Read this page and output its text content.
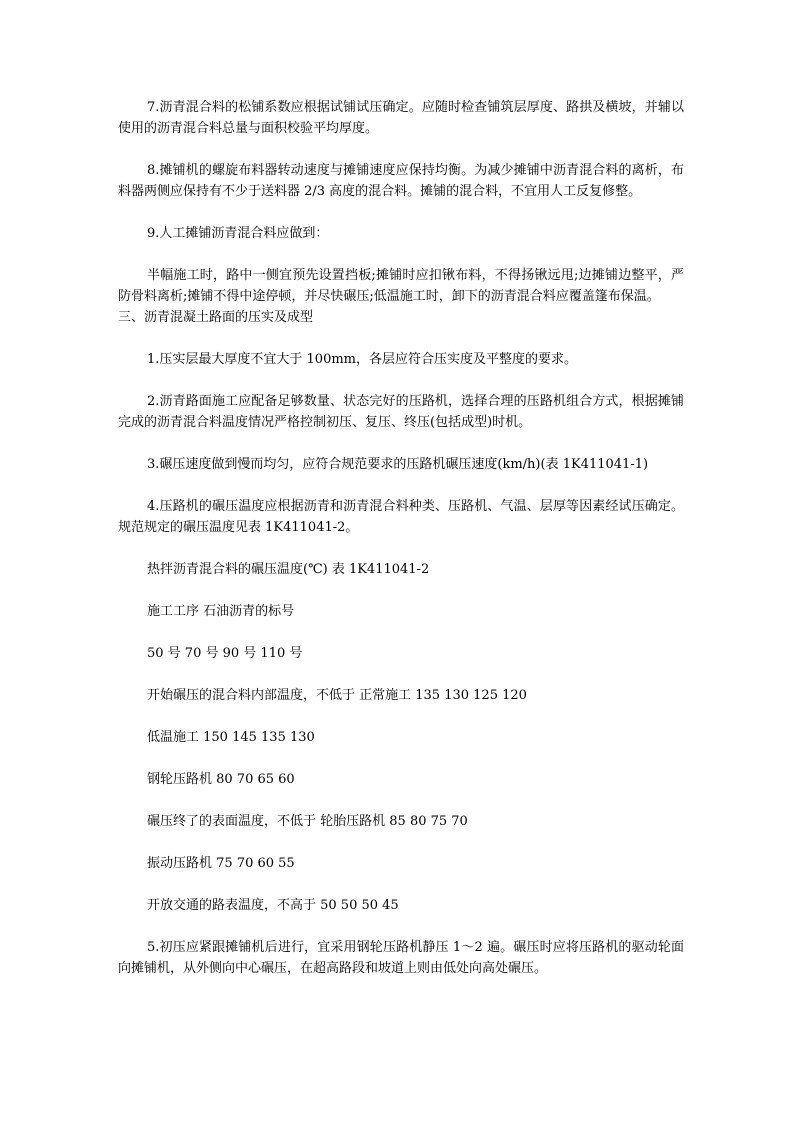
7.沥青混合料的松铺系数应根据试铺试压确定。应随时检查铺筑层厚度、路拱及横坡，并辅以使用的沥青混合料总量与面积校验平均厚度。

8.摊铺机的螺旋布料器转动速度与摊铺速度应保持均衡。为减少摊铺中沥青混合料的离析，布料器两侧应保持有不少于送料器 2/3 高度的混合料。摊铺的混合料，不宜用人工反复修整。

9.人工摊铺沥青混合料应做到：

半幅施工时，路中一侧宜预先设置挡板;摊铺时应扣锹布料，不得扬锹远甩;边摊铺边整平，严防骨料离析;摊铺不得中途停顿，并尽快碾压;低温施工时，卸下的沥青混合料应覆盖篷布保温。

三、沥青混凝土路面的压实及成型

1.压实层最大厚度不宜大于 100mm，各层应符合压实度及平整度的要求。

2.沥青路面施工应配备足够数量、状态完好的压路机，选择合理的压路机组合方式，根据摊铺完成的沥青混合料温度情况严格控制初压、复压、终压(包括成型)时机。

3.碾压速度做到慢而均匀，应符合规范要求的压路机碾压速度(km/h)(表 1K411041-1)

4.压路机的碾压温度应根据沥青和沥青混合料种类、压路机、气温、层厚等因素经试压确定。规范规定的碾压温度见表 1K411041-2。

热拌沥青混合料的碾压温度(℃) 表 1K411041-2

施工工序 石油沥青的标号

50 号 70 号 90 号 110 号

开始碾压的混合料内部温度，不低于 正常施工 135 130 125 120

低温施工 150 145 135 130

钢轮压路机 80 70 65 60

碾压终了的表面温度，不低于 轮胎压路机 85 80 75 70

振动压路机 75 70 60 55

开放交通的路表温度，不高于 50 50 50 45

5.初压应紧跟摊铺机后进行，宜采用钢轮压路机静压 1～2 遍。碾压时应将压路机的驱动轮面向摊铺机，从外侧向中心碾压，在超高路段和坡道上则由低处向高处碾压。
